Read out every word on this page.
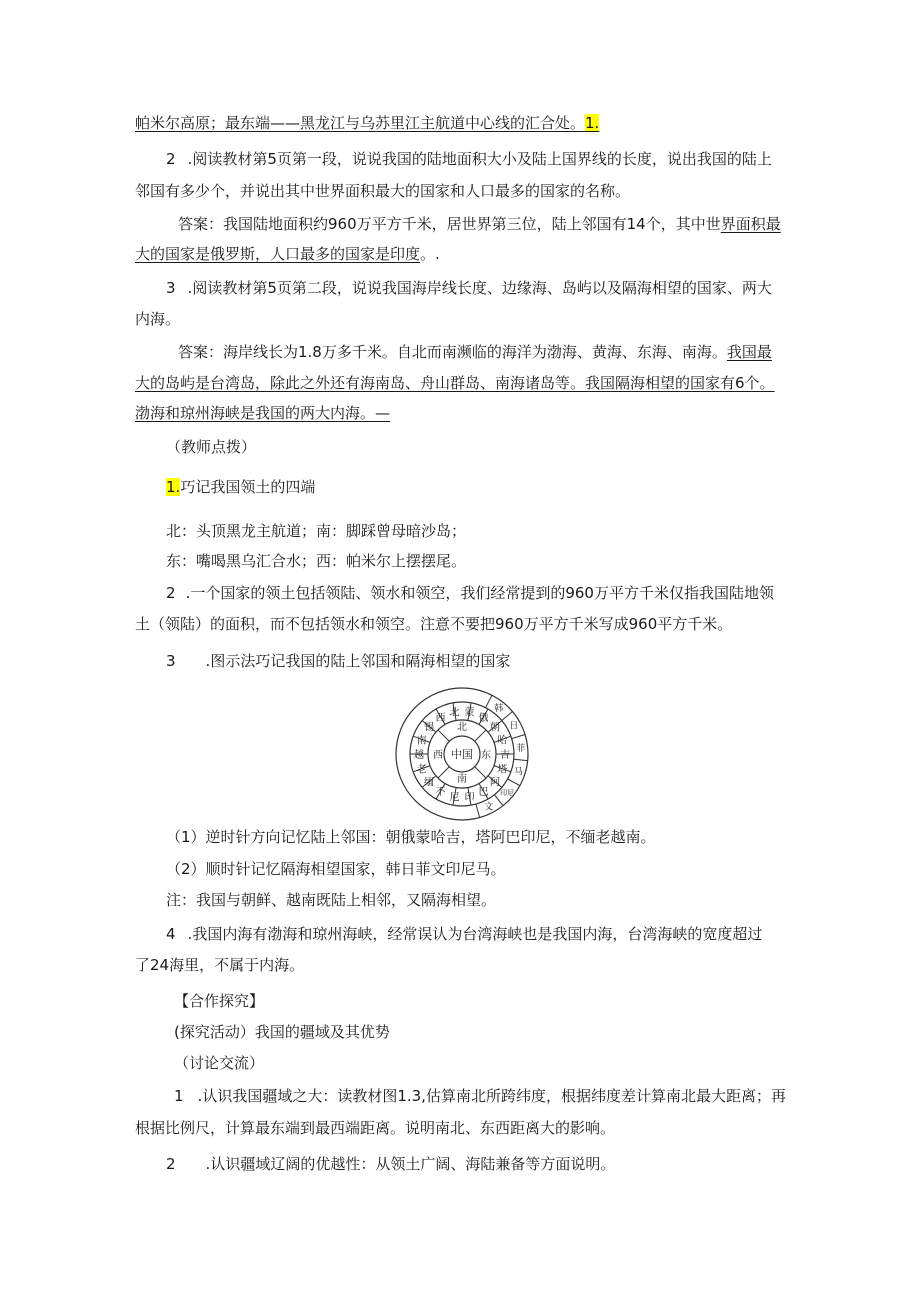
帕米尔高原；最东端——黑龙江与乌苏里江主航道中心线的汇合处。1.
2 .阅读教材第5页第一段，说说我国的陆地面积大小及陆上国界线的长度，说出我国的陆上
邻国有多少个，并说出其中世界面积最大的国家和人口最多的国家的名称。
答案：我国陆地面积约960万平方千米，居世界第三位，陆上邻国有14个，其中世界面积最
大的国家是俄罗斯，人口最多的国家是印度。.
3 .阅读教材第5页第二段，说说我国海岸线长度、边缘海、岛屿以及隔海相望的国家、两大
内海。
答案：海岸线长为1.8万多千米。自北而南濒临的海洋为渤海、黄海、东海、南海。我国最
大的岛屿是台湾岛，除此之外还有海南岛、舟山群岛、南海诸岛等。我国隔海相望的国家有6个。
渤海和琼州海峡是我国的两大内海。—
（教师点拨）
1.巧记我国领土的四端
北：头顶黑龙主航道；南：脚踩曾母暗沙岛；
东：嘴喝黑乌汇合水；西：帕米尔上摆摆尾。
2 .一个国家的领土包括领陆、领水和领空，我们经常提到的960万平方千米仅指我国陆地领
土（领陆）的面积，而不包括领水和领空。注意不要把960万平方千米写成960平方千米。
3 .图示法巧记我国的陆上邻国和隔海相望的国家
蒙 俄
朝
哈
吉
塔
阿
巴
印
尼
不
缅
老
越
南
锡
西 北	韩
日
菲
马
印尼
文
中国
北
东
南
西
（1）逆时针方向记忆陆上邻国：朝俄蒙哈吉，塔阿巴印尼，不缅老越南。
（2）顺时针记忆隔海相望国家，韩日菲文印尼马。
注：我国与朝鲜、越南既陆上相邻，又隔海相望。
4 .我国内海有渤海和琼州海峡，经常误认为台湾海峡也是我国内海，台湾海峡的宽度超过
了24海里，不属于内海。
【合作探究】
(探究活动）我国的疆域及其优势
（讨论交流）
1 .认识我国疆域之大：读教材图1.3,估算南北所跨纬度，根据纬度差计算南北最大距离；再
根据比例尺，计算最东端到最西端距离。说明南北、东西距离大的影响。
2 .认识疆域辽阔的优越性：从领土广阔、海陆兼备等方面说明。
